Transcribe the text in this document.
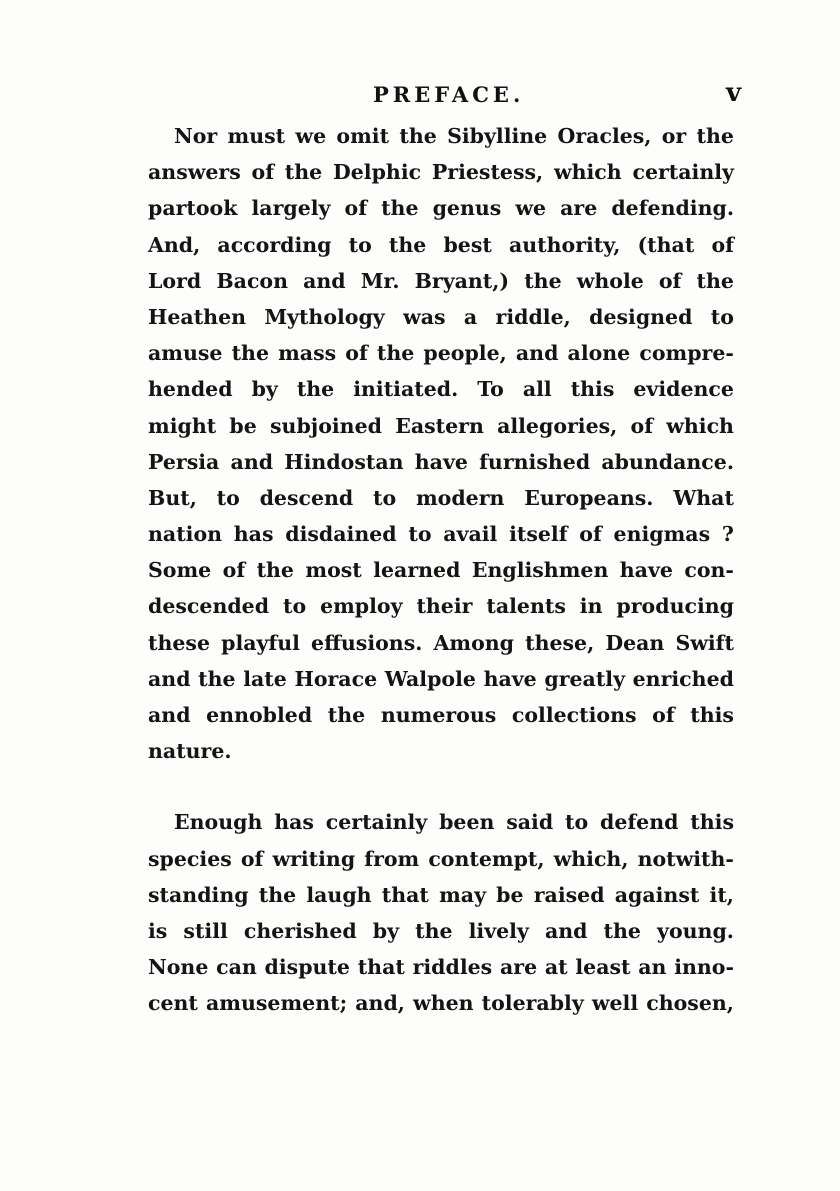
PREFACE.	v
Nor must we omit the Sibylline Oracles, or the
answers of the Delphic Priestess, which certainly
partook largely of the genus we are defending.
And, according to the best authority, (that of
Lord Bacon and Mr. Bryant,) the whole of the
Heathen Mythology was a riddle, designed to
amuse the mass of the people, and alone compre-
hended by the initiated. To all this evidence
might be subjoined Eastern allegories, of which
Persia and Hindostan have furnished abundance.
But, to descend to modern Europeans. What
nation has disdained to avail itself of enigmas ?
Some of the most learned Englishmen have con-
descended to employ their talents in producing
these playful effusions. Among these, Dean Swift
and the late Horace Walpole have greatly enriched
and ennobled the numerous collections of this
nature.
Enough has certainly been said to defend this
species of writing from contempt, which, notwith-
standing the laugh that may be raised against it,
is still cherished by the lively and the young.
None can dispute that riddles are at least an inno-
cent amusement; and, when tolerably well chosen,
